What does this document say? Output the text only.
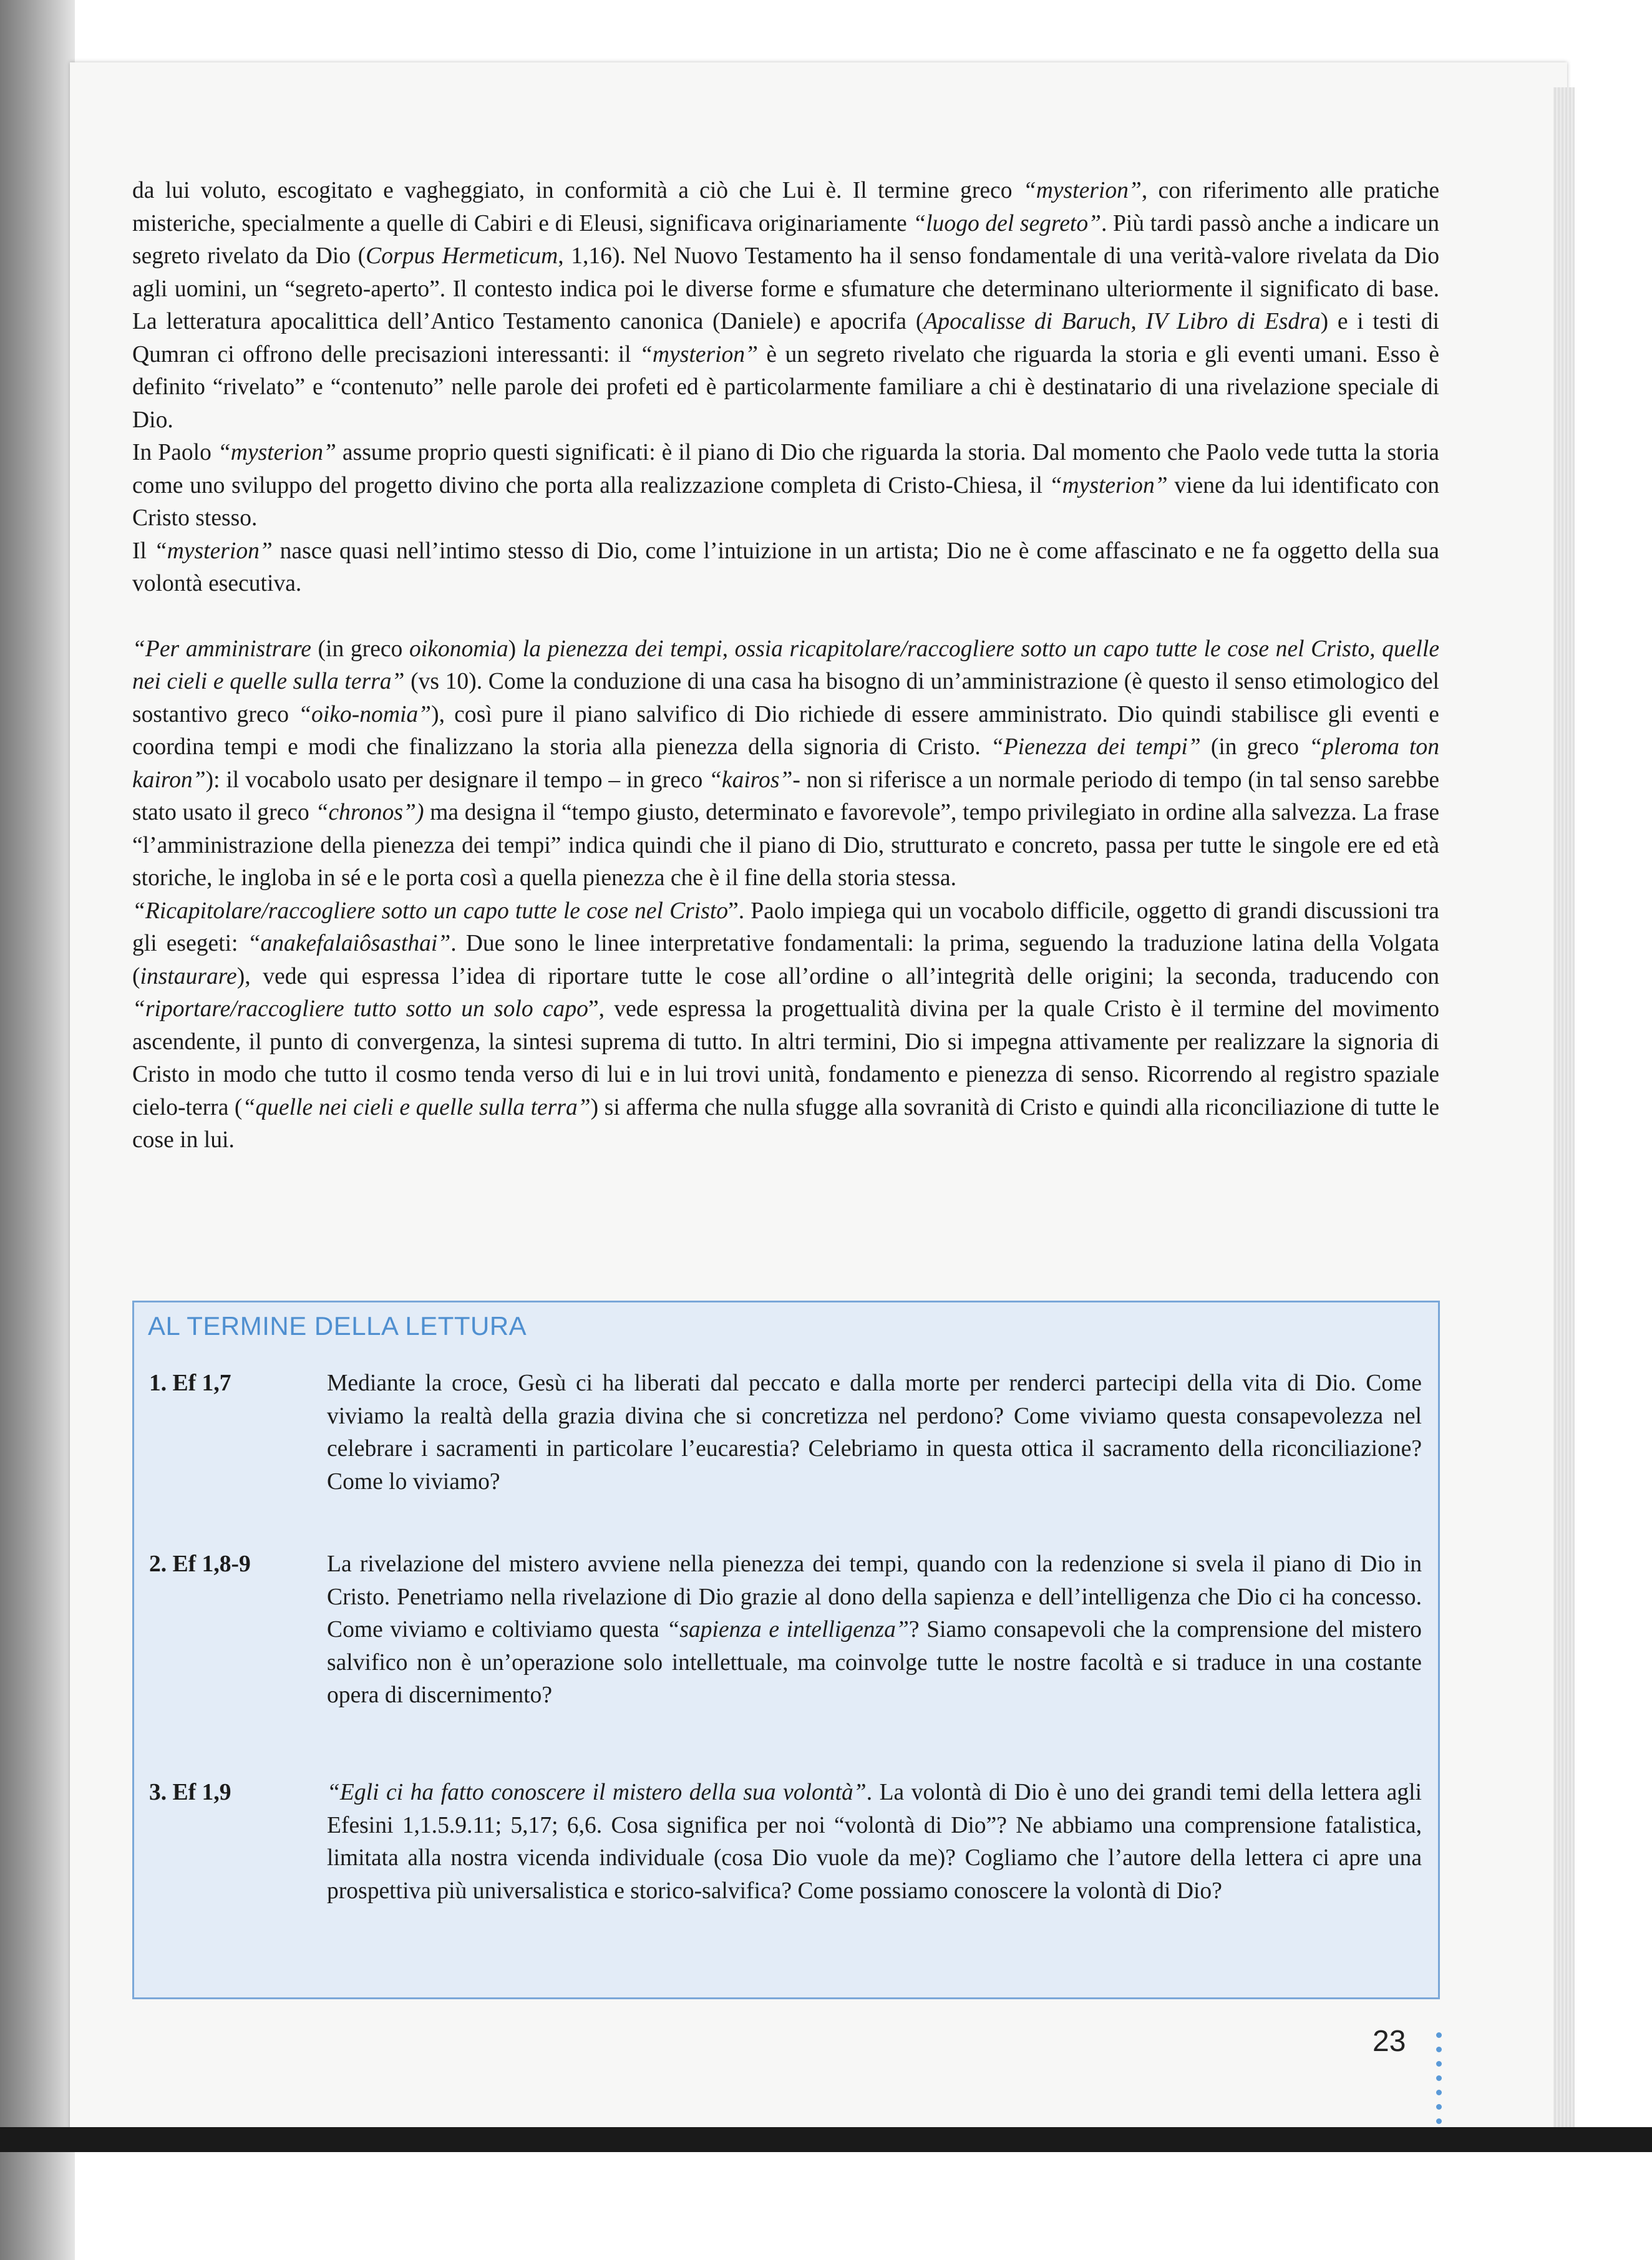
da lui voluto, escogitato e vagheggiato, in conformità a ciò che Lui è. Il termine greco “mysterion”, con riferimento alle pratiche misteriche, specialmente a quelle di Cabiri e di Eleusi, significava originariamente “luogo del segreto”. Più tardi passò anche a indicare un segreto rivelato da Dio (Corpus Hermeticum, 1,16). Nel Nuovo Testamento ha il senso fondamentale di una verità-valore rivelata da Dio agli uomini, un “segreto-aperto”. Il contesto indica poi le diverse forme e sfumature che determinano ulteriormente il significato di base. La letteratura apocalittica dell’Antico Testamento canonica (Daniele) e apocrifa (Apocalisse di Baruch, IV Libro di Esdra) e i testi di Qumran ci offrono delle precisazioni interessanti: il “mysterion” è un segreto rivelato che riguarda la storia e gli eventi umani. Esso è definito “rivelato” e “contenuto” nelle parole dei profeti ed è particolarmente familiare a chi è destinatario di una rivelazione speciale di Dio.

In Paolo “mysterion” assume proprio questi significati: è il piano di Dio che riguarda la storia. Dal momento che Paolo vede tutta la storia come uno sviluppo del progetto divino che porta alla realizzazione completa di Cristo-Chiesa, il “mysterion” viene da lui identificato con Cristo stesso.

Il “mysterion” nasce quasi nell’intimo stesso di Dio, come l’intuizione in un artista; Dio ne è come affascinato e ne fa oggetto della sua volontà esecutiva.

“Per amministrare (in greco oikonomia) la pienezza dei tempi, ossia ricapitolare/raccogliere sotto un capo tutte le cose nel Cristo, quelle nei cieli e quelle sulla terra” (vs 10). Come la conduzione di una casa ha bisogno di un’amministrazione (è questo il senso etimologico del sostantivo greco “oiko-nomia”), così pure il piano salvifico di Dio richiede di essere amministrato. Dio quindi stabilisce gli eventi e coordina tempi e modi che finalizzano la storia alla pienezza della signoria di Cristo. “Pienezza dei tempi” (in greco “pleroma ton kairon”): il vocabolo usato per designare il tempo – in greco “kairos”- non si riferisce a un normale periodo di tempo (in tal senso sarebbe stato usato il greco “chronos”) ma designa il “tempo giusto, determinato e favorevole”, tempo privilegiato in ordine alla salvezza. La frase “l’amministrazione della pienezza dei tempi” indica quindi che il piano di Dio, strutturato e concreto, passa per tutte le singole ere ed età storiche, le ingloba in sé e le porta così a quella pienezza che è il fine della storia stessa.

“Ricapitolare/raccogliere sotto un capo tutte le cose nel Cristo”. Paolo impiega qui un vocabolo difficile, oggetto di grandi discussioni tra gli esegeti: “anakefalaiôsasthai”. Due sono le linee interpretative fondamentali: la prima, seguendo la traduzione latina della Volgata (instaurare), vede qui espressa l’idea di riportare tutte le cose all’ordine o all’integrità delle origini; la seconda, traducendo con “riportare/raccogliere tutto sotto un solo capo”, vede espressa la progettualità divina per la quale Cristo è il termine del movimento ascendente, il punto di convergenza, la sintesi suprema di tutto. In altri termini, Dio si impegna attivamente per realizzare la signoria di Cristo in modo che tutto il cosmo tenda verso di lui e in lui trovi unità, fondamento e pienezza di senso. Ricorrendo al registro spaziale cielo-terra (“quelle nei cieli e quelle sulla terra”) si afferma che nulla sfugge alla sovranità di Cristo e quindi alla riconciliazione di tutte le cose in lui.

AL TERMINE DELLA LETTURA
1. Ef 1,7	Mediante la croce, Gesù ci ha liberati dal peccato e dalla morte per renderci partecipi della vita di Dio. Come viviamo la realtà della grazia divina che si concretizza nel perdono? Come viviamo questa consapevolezza nel celebrare i sacramenti in particolare l’eucarestia? Celebriamo in questa ottica il sacramento della riconciliazione? Come lo viviamo?
2. Ef 1,8-9	La rivelazione del mistero avviene nella pienezza dei tempi, quando con la redenzione si svela il piano di Dio in Cristo. Penetriamo nella rivelazione di Dio grazie al dono della sapienza e dell’intelligenza che Dio ci ha concesso. Come viviamo e coltiviamo questa “sapienza e intelligenza”? Siamo consapevoli che la comprensione del mistero salvifico non è un’operazione solo intellettuale, ma coinvolge tutte le nostre facoltà e si traduce in una costante opera di discernimento?
3. Ef 1,9	“Egli ci ha fatto conoscere il mistero della sua volontà”. La volontà di Dio è uno dei grandi temi della lettera agli Efesini 1,1.5.9.11; 5,17; 6,6. Cosa significa per noi “volontà di Dio”? Ne abbiamo una comprensione fatalistica, limitata alla nostra vicenda individuale (cosa Dio vuole da me)? Cogliamo che l’autore della lettera ci apre una prospettiva più universalistica e storico-salvifica? Come possiamo conoscere la volontà di Dio?
23
